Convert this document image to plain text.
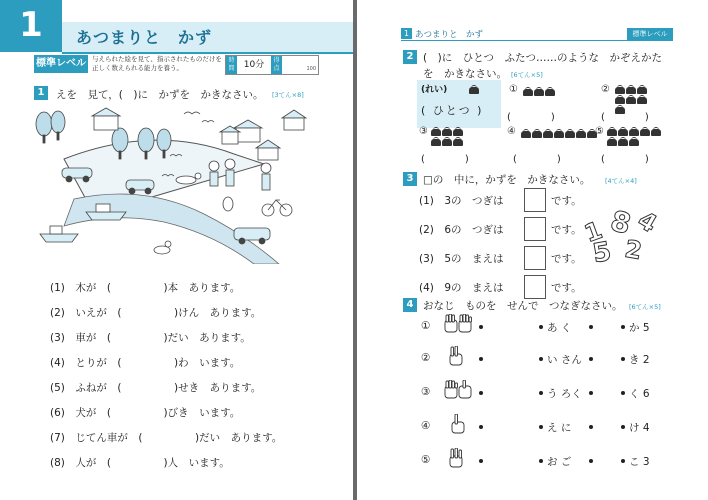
1	あつまりと　かず
標準レベル 与えられた絵を見て、指示されたものだけを
正しく数えられる能力を養う。
時間	10分	得点	100
1	えを　見て，(　)に　かずを　かきなさい。 [3てん×8]
(1)　 木が　(　　　　　)本　あります。
(2)　 いえが　(　　　　　)けん　あります。
(3)　 車が　(　　　　　)だい　あります。
(4)　 とりが　(　　　　　)わ　います。
(5)　 ふねが　(　　　　　)せき　あります。
(6)　 犬が　(　　　　　)びき　います。
(7)　 じてん車が　(　　　　　)だい　あります。
(8)　 人が　(　　　　　)人　います。
1 あつまりと　かず	標準レベル
2 (　)に　ひとつ　ふたつ……のような　かぞえかた
を　かきなさい。 [6てん×5]
(れい)
( ひとつ )
①
(　　　　)
②
(　　　　)
③
(　　　　)
④
(　　　　)
⑤
(　　　　)
3 □の　中に，かずを　かきなさい。 [4てん×4]
(1)　 3の　つぎは	です。
(2)　 6の　つぎは	です。
(3)　 5の　まえは	です。
(4)　 9の　まえは	です。
1
5
8
2
4
4 おなじ　ものを　せんで　つなぎなさい。 [6てん×5]
①	あ く	か 5
②	い さん	き 2
③	う ろく	く 6
④	え に	け 4
⑤	お ご	こ 3
